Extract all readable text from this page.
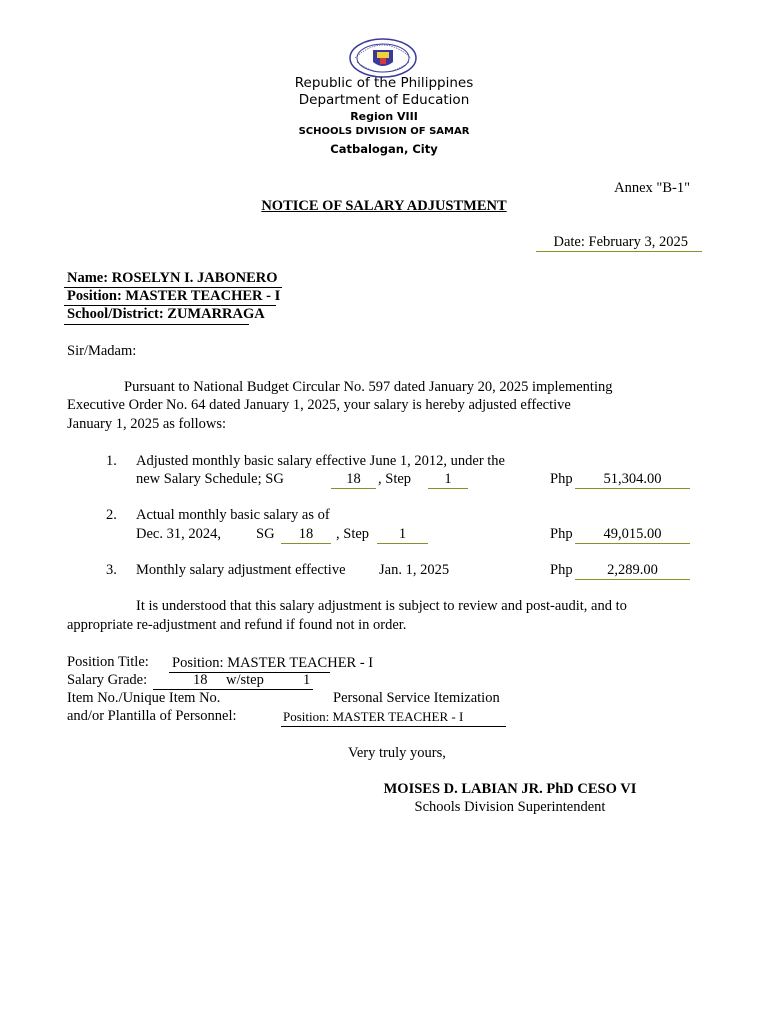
Republic of the Philippines
Department of Education
Region VIII
SCHOOLS DIVISION OF SAMAR
Catbalogan, City
Annex "B-1"
NOTICE OF SALARY ADJUSTMENT
Date: February 3, 2025
Name: ROSELYN I. JABONERO
Position: MASTER TEACHER - I
School/District: ZUMARRAGA
Sir/Madam:
Pursuant to National Budget Circular No. 597 dated January 20, 2025 implementing
Executive Order No. 64 dated January 1, 2025, your salary is hereby adjusted effective
January 1, 2025 as follows:
1. Adjusted monthly basic salary effective June 1, 2012, under the
new Salary Schedule; SG	18	, Step	1	Php	51,304.00
2. Actual monthly basic salary as of
Dec. 31, 2024, SG	18	, Step	1	Php	49,015.00
3. Monthly salary adjustment effective Jan. 1, 2025	Php	2,289.00
It is understood that this salary adjustment is subject to review and post-audit, and to
appropriate re-adjustment and refund if found not in order.
Position Title: Position: MASTER TEACHER - I
Salary Grade:	18 w/step	1
Item No./Unique Item No.	Personal Service Itemization
and/or Plantilla of Personnel:	Position: MASTER TEACHER - I
Very truly yours,
MOISES D. LABIAN JR. PhD CESO VI
Schools Division Superintendent
